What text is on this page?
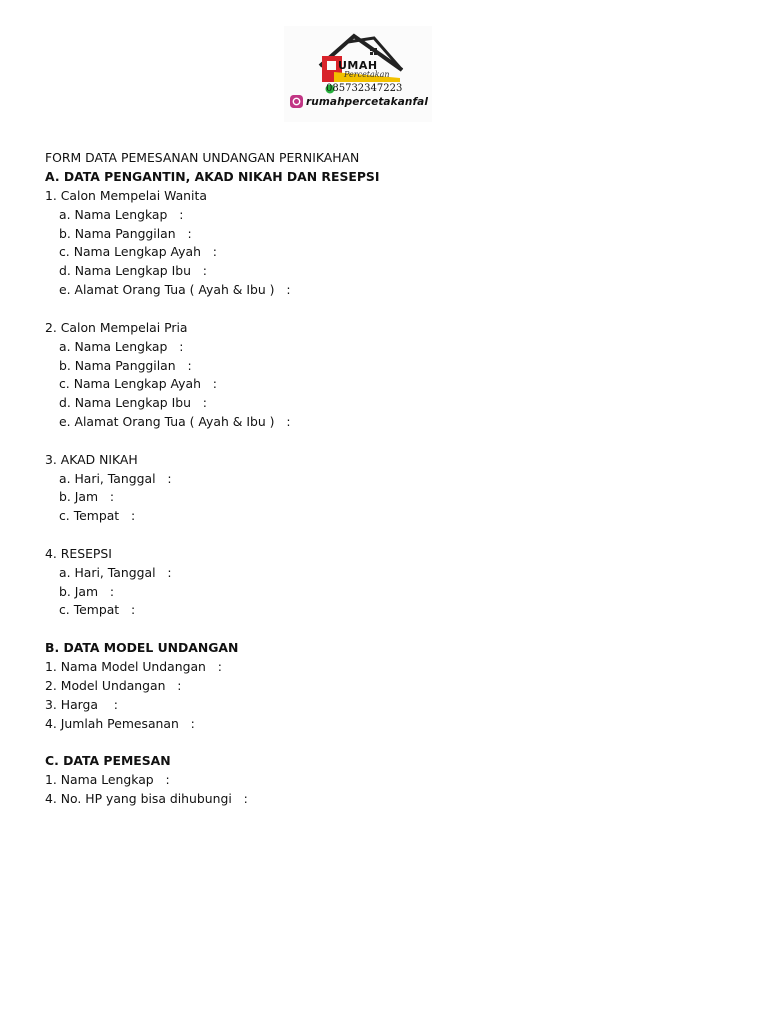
UMAH
Percetakan
085732347223
rumahpercetakanfal
FORM DATA PEMESANAN UNDANGAN PERNIKAHAN
A. DATA PENGANTIN, AKAD NIKAH DAN RESEPSI
1. Calon Mempelai Wanita
a. Nama Lengkap   :
b. Nama Panggilan   :
c. Nama Lengkap Ayah   :
d. Nama Lengkap Ibu   :
e. Alamat Orang Tua ( Ayah & Ibu )   :
2. Calon Mempelai Pria
a. Nama Lengkap   :
b. Nama Panggilan   :
c. Nama Lengkap Ayah   :
d. Nama Lengkap Ibu   :
e. Alamat Orang Tua ( Ayah & Ibu )   :
3. AKAD NIKAH
a. Hari, Tanggal   :
b. Jam   :
c. Tempat   :
4. RESEPSI
a. Hari, Tanggal   :
b. Jam   :
c. Tempat   :
B. DATA MODEL UNDANGAN
1. Nama Model Undangan   :
2. Model Undangan   :
3. Harga    :
4. Jumlah Pemesanan   :
C. DATA PEMESAN
1. Nama Lengkap   :
4. No. HP yang bisa dihubungi   :
